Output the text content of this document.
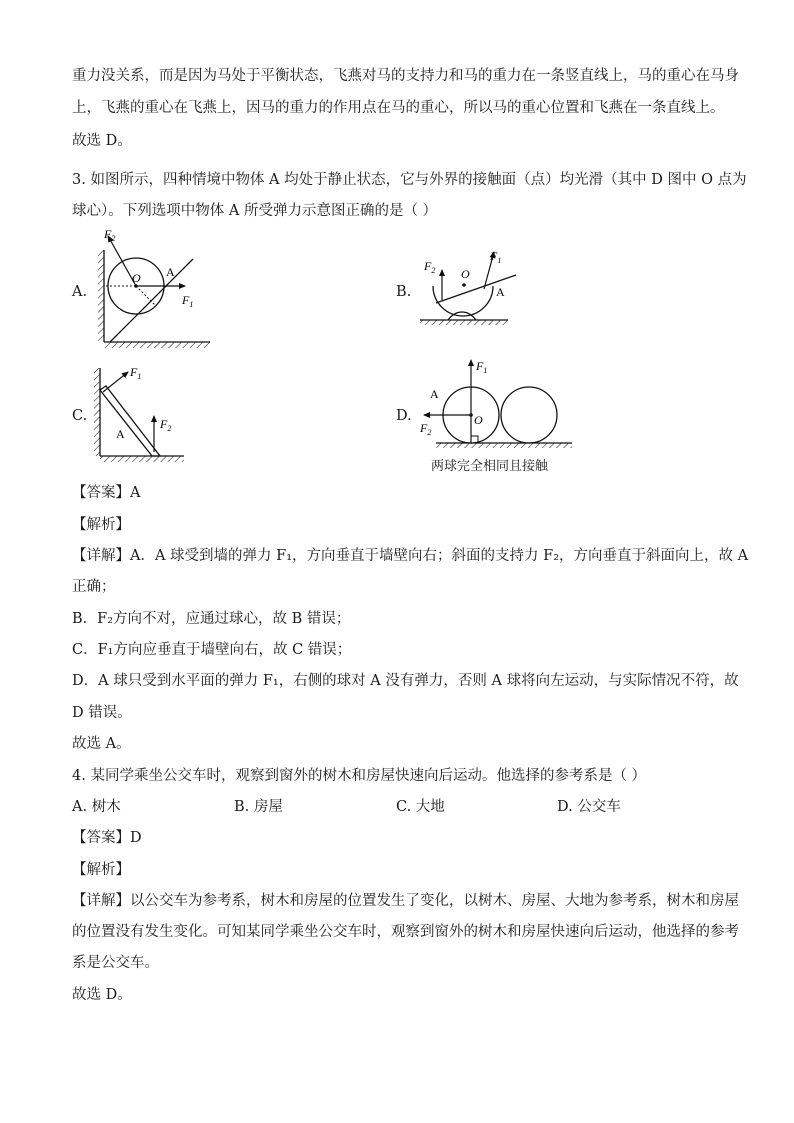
重力没关系，而是因为马处于平衡状态，飞燕对马的支持力和马的重力在一条竖直线上，马的重心在马身
上，飞燕的重心在飞燕上，因马的重力的作用点在马的重心，所以马的重心位置和飞燕在一条直线上。
故选 D。
3. 如图所示，四种情境中物体 A 均处于静止状态，它与外界的接触面（点）均光滑（其中 D 图中 O 点为
球心）。下列选项中物体 A 所受弹力示意图正确的是（ ）
A.	B.
C.	D.
$F_2$
$F_1$
O A	$F_2$
$F_1$
O
A
$F_1$
$F_2$
A
$F_1$
$F_2$
O
A
两球完全相同且接触
【答案】A
【解析】
【详解】A．A 球受到墙的弹力 F₁，方向垂直于墙壁向右；斜面的支持力 F₂，方向垂直于斜面向上，故 A
正确；
B．F₂方向不对，应通过球心，故 B 错误；
C．F₁方向应垂直于墙壁向右，故 C 错误；
D．A 球只受到水平面的弹力 F₁，右侧的球对 A 没有弹力，否则 A 球将向左运动，与实际情况不符，故
D 错误。
故选 A。
4. 某同学乘坐公交车时，观察到窗外的树木和房屋快速向后运动。他选择的参考系是（ ）
A. 树木	B. 房屋	C. 大地	D. 公交车
【答案】D
【解析】
【详解】以公交车为参考系，树木和房屋的位置发生了变化，以树木、房屋、大地为参考系，树木和房屋
的位置没有发生变化。可知某同学乘坐公交车时，观察到窗外的树木和房屋快速向后运动，他选择的参考
系是公交车。
故选 D。
